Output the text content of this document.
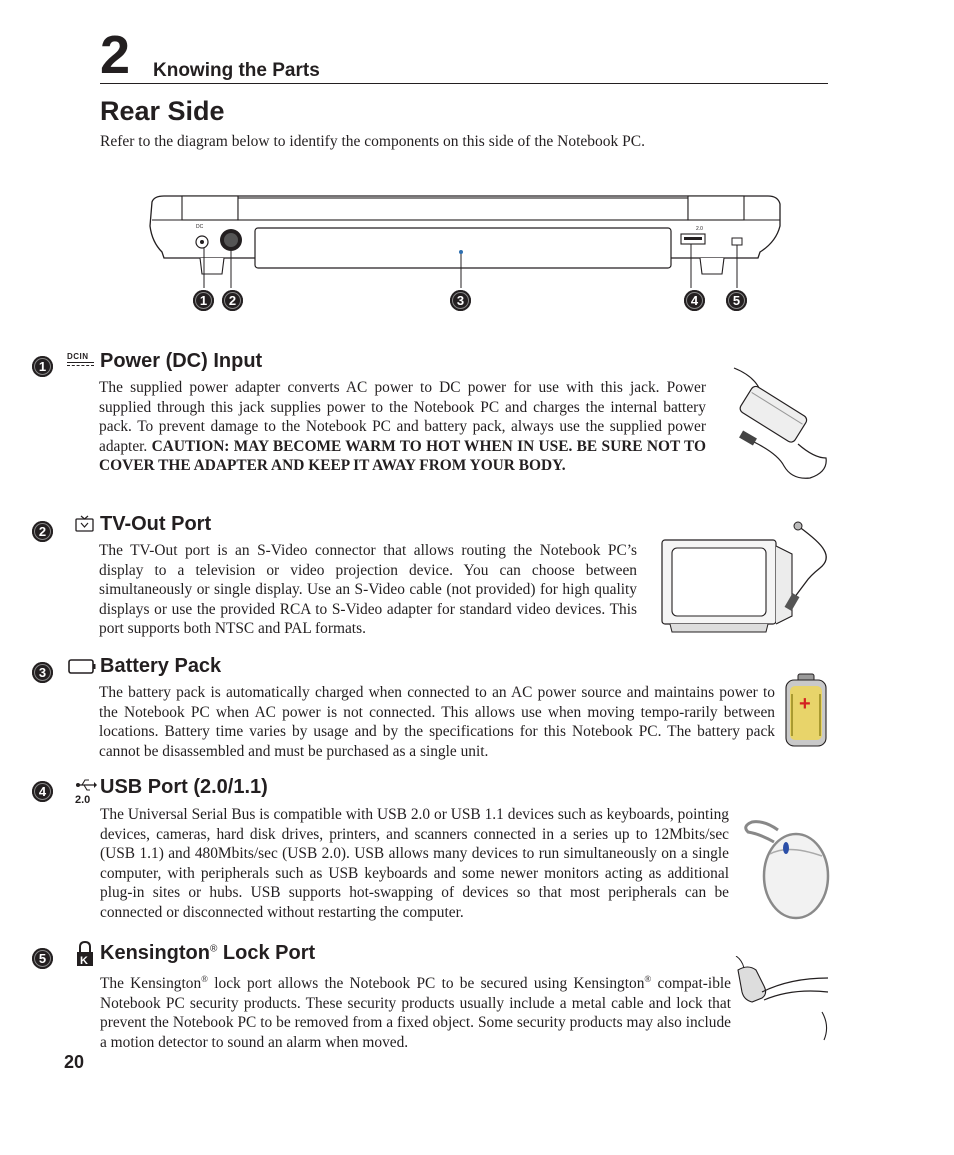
2 Knowing the Parts
Rear Side
Refer to the diagram below to identify the components on this side of the Notebook PC.
DC	2.0
1	2	3	4	5
1
DCIN Power (DC) Input
The supplied power adapter converts AC power to DC power for use with this jack. Power supplied through this jack supplies power to the Notebook PC and charges the internal battery pack. To prevent damage to the Notebook PC and battery pack, always use the supplied power adapter. CAUTION: MAY BECOME WARM TO HOT WHEN IN USE. BE SURE NOT TO COVER THE ADAPTER AND KEEP IT AWAY FROM YOUR BODY.
2	TV-Out Port
The TV-Out port is an S-Video connector that allows routing the Notebook PC’s display to a television or video projection device. You can choose between simultaneously or single display. Use an S-Video cable (not provided) for high quality displays or use the provided RCA to S-Video adapter for standard video devices. This port supports both NTSC and PAL formats.
3	Battery Pack
The battery pack is automatically charged when connected to an AC power source and maintains power to the Notebook PC when AC power is not connected. This allows use when moving tempo-rarily between locations. Battery time varies by usage and by the specifications for this Notebook PC. The battery pack cannot be disassembled and must be purchased as a single unit.
+
4
2.0
USB Port (2.0/1.1)
The Universal Serial Bus is compatible with USB 2.0 or USB 1.1 devices such as keyboards, pointing devices, cameras, hard disk drives, printers, and scanners connected in a series up to 12Mbits/sec (USB 1.1) and 480Mbits/sec (USB 2.0). USB allows many devices to run simultaneously on a single computer, with peripherals such as USB keyboards and some newer monitors acting as additional plug-in sites or hubs. USB supports hot-swapping of devices so that most peripherals can be connected or disconnected without restarting the computer.
5	K Kensington® Lock Port
The Kensington® lock port allows the Notebook PC to be secured using Kensington® compat-ible Notebook PC security products. These security products usually include a metal cable and lock that prevent the Notebook PC to be removed from a fixed object. Some security products may also include a motion detector to sound an alarm when moved.
20
